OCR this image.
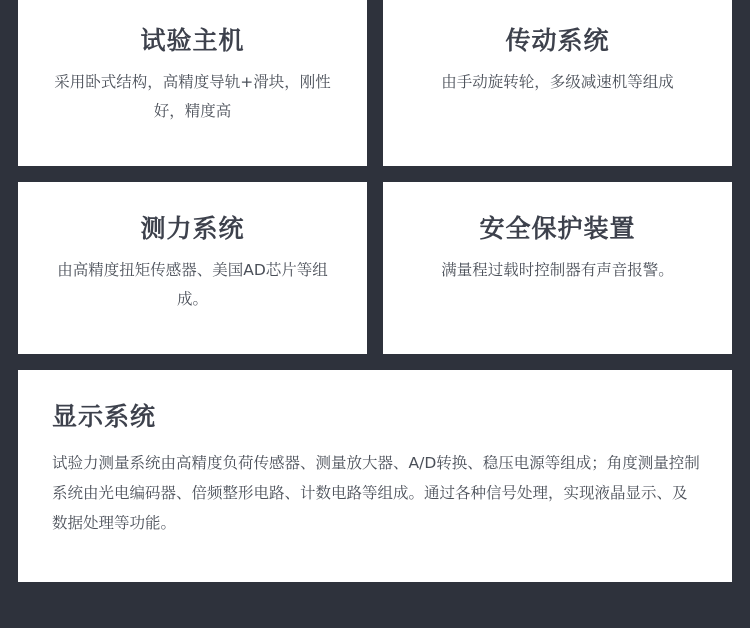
试验主机
采用卧式结构，高精度导轨+滑块，刚性好，精度高
传动系统
由手动旋转轮，多级减速机等组成
测力系统
由高精度扭矩传感器、美国AD芯片等组成。
安全保护装置
满量程过载时控制器有声音报警。
显示系统
试验力测量系统由高精度负荷传感器、测量放大器、A/D转换、稳压电源等组成；角度测量控制系统由光电编码器、倍频整形电路、计数电路等组成。通过各种信号处理，实现液晶显示、及数据处理等功能。
